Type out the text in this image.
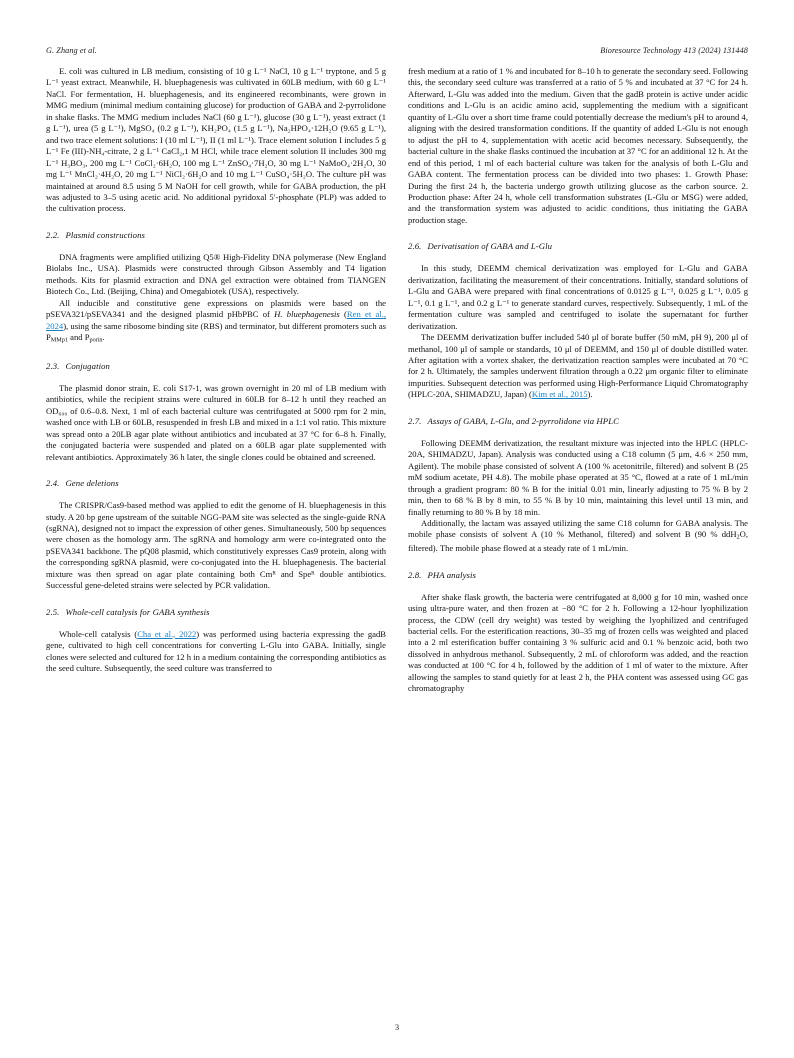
G. Zhang et al.	Bioresource Technology 413 (2024) 131448

E. coli was cultured in LB medium, consisting of 10 g L⁻¹ NaCl, 10 g L⁻¹ tryptone, and 5 g L⁻¹ yeast extract. Meanwhile, H. bluephagenesis was cultivated in 60LB medium, with 60 g L⁻¹ NaCl. For fermentation, H. bluephagenesis, and its engineered recombinants, were grown in MMG medium (minimal medium containing glucose) for production of GABA and 2-pyrrolidone in shake flasks. The MMG medium includes NaCl (60 g L⁻¹), glucose (30 g L⁻¹), yeast extract (1 g L⁻¹), urea (5 g L⁻¹), MgSO₄ (0.2 g L⁻¹), KH₂PO₄ (1.5 g L⁻¹), Na₂HPO₄·12H₂O (9.65 g L⁻¹), and two trace element solutions: I (10 ml L⁻¹), II (1 ml L⁻¹). Trace element solution I includes 5 g L⁻¹ Fe (III)-NH₄-citrate, 2 g L⁻¹ CaCl₂,1 M HCl, while trace element solution II includes 300 mg L⁻¹ H₃BO₃, 200 mg L⁻¹ CoCl₂·6H₂O, 100 mg L⁻¹ ZnSO₄·7H₂O, 30 mg L⁻¹ NaMoO₄·2H₂O, 30 mg L⁻¹ MnCl₂·4H₂O, 20 mg L⁻¹ NiCl₂·6H₂O and 10 mg L⁻¹ CuSO₄·5H₂O. The culture pH was maintained at around 8.5 using 5 M NaOH for cell growth, while for GABA production, the pH was adjusted to 3–5 using acetic acid. No additional pyridoxal 5′-phosphate (PLP) was added to the cultivation process.

2.2. Plasmid constructions

DNA fragments were amplified utilizing Q5® High-Fidelity DNA polymerase (New England Biolabs Inc., USA). Plasmids were constructed through Gibson Assembly and T4 ligation methods. Kits for plasmid extraction and DNA gel extraction were obtained from TIANGEN Biotech Co., Ltd. (Beijing, China) and Omegabiotek (USA), respectively.

All inducible and constitutive gene expressions on plasmids were based on the pSEVA321/pSEVA341 and the designed plasmid pHbPBC of H. bluephagenesis (Ren et al., 2024), using the same ribosome binding site (RBS) and terminator, but different promoters such as $P_{MMp1}$ and $P_{porin}$.

2.3. Conjugation

The plasmid donor strain, E. coli S17-1, was grown overnight in 20 ml of LB medium with antibiotics, while the recipient strains were cultured in 60LB for 8–12 h until they reached an OD₆₀₀ of 0.6–0.8. Next, 1 ml of each bacterial culture was centrifugated at 5000 rpm for 2 min, washed once with LB or 60LB, resuspended in fresh LB and mixed in a 1:1 vol ratio. This mixture was spread onto a 20LB agar plate without antibiotics and incubated at 37 °C for 6–8 h. Finally, the conjugated bacteria were suspended and plated on a 60LB agar plate supplemented with relevant antibiotics. Approximately 36 h later, the single clones could be obtained and screened.

2.4. Gene deletions

The CRISPR/Cas9-based method was applied to edit the genome of H. bluephagenesis in this study. A 20 bp gene upstream of the suitable NGG-PAM site was selected as the single-guide RNA (sgRNA), designed not to impact the expression of other genes. Simultaneously, 500 bp sequences were chosen as the homology arm. The sgRNA and homology arm were co-integrated onto the pSEVA341 backbone. The pQ08 plasmid, which constitutively expresses Cas9 protein, along with the corresponding sgRNA plasmid, were co-conjugated into the H. bluephagenesis. The bacterial mixture was then spread on agar plate containing both Cmᴿ and Speᴿ double antibiotics. Successful gene-deleted strains were selected by PCR validation.

2.5. Whole-cell catalysis for GABA synthesis

Whole-cell catalysis (Cha et al., 2022) was performed using bacteria expressing the gadB gene, cultivated to high cell concentrations for converting L-Glu into GABA. Initially, single clones were selected and cultured for 12 h in a medium containing the corresponding antibiotics as the seed culture. Subsequently, the seed culture was transferred to

fresh medium at a ratio of 1 % and incubated for 8–10 h to generate the secondary seed. Following this, the secondary seed culture was transferred at a ratio of 5 % and incubated at 37 °C for 24 h. Afterward, L-Glu was added into the medium. Given that the gadB protein is active under acidic conditions and L-Glu is an acidic amino acid, supplementing the medium with a significant quantity of L-Glu over a short time frame could potentially decrease the medium's pH to around 4, aligning with the desired transformation conditions. If the quantity of added L-Glu is not enough to adjust the pH to 4, supplementation with acetic acid becomes necessary. Subsequently, the bacterial culture in the shake flasks continued the incubation at 37 °C for an additional 12 h. At the end of this period, 1 ml of each bacterial culture was taken for the analysis of both L-Glu and GABA content. The fermentation process can be divided into two phases: 1. Growth Phase: During the first 24 h, the bacteria undergo growth utilizing glucose as the carbon source. 2. Production phase: After 24 h, whole cell transformation substrates (L-Glu or MSG) were added, and the transformation system was adjusted to acidic conditions, thus initiating the GABA production stage.

2.6. Derivatisation of GABA and L-Glu

In this study, DEEMM chemical derivatization was employed for L-Glu and GABA derivatization, facilitating the measurement of their concentrations. Initially, standard solutions of L-Glu and GABA were prepared with final concentrations of 0.0125 g L⁻¹, 0.025 g L⁻¹, 0.05 g L⁻¹, 0.1 g L⁻¹, and 0.2 g L⁻¹ to generate standard curves, respectively. Subsequently, 1 mL of the fermentation culture was sampled and centrifuged to isolate the supernatant for further derivatization.

The DEEMM derivatization buffer included 540 μl of borate buffer (50 mM, pH 9), 200 μl of methanol, 100 μl of sample or standards, 10 μl of DEEMM, and 150 μl of double distilled water. After agitation with a vortex shaker, the derivatization reaction samples were incubated at 70 °C for 2 h. Ultimately, the samples underwent filtration through a 0.22 μm organic filter to eliminate impurities. Subsequent detection was performed using High-Performance Liquid Chromatography (HPLC-20A, SHIMADZU, Japan) (Kim et al., 2015).

2.7. Assays of GABA, L-Glu, and 2-pyrrolidone via HPLC

Following DEEMM derivatization, the resultant mixture was injected into the HPLC (HPLC-20A, SHIMADZU, Japan). Analysis was conducted using a C18 column (5 μm, 4.6 × 250 mm, Agilent). The mobile phase consisted of solvent A (100 % acetonitrile, filtered) and solvent B (25 mM sodium acetate, PH 4.8). The mobile phase operated at 35 °C, flowed at a rate of 1 mL/min through a gradient program: 80 % B for the initial 0.01 min, linearly adjusting to 75 % B by 2 min, then to 68 % B by 8 min, to 55 % B by 10 min, maintaining this level until 13 min, and finally returning to 80 % B by 18 min.

Additionally, the lactam was assayed utilizing the same C18 column for GABA analysis. The mobile phase consists of solvent A (10 % Methanol, filtered) and solvent B (90 % ddH$_2$O, filtered). The mobile phase flowed at a steady rate of 1 mL/min.

2.8. PHA analysis

After shake flask growth, the bacteria were centrifugated at 8,000 g for 10 min, washed once using ultra-pure water, and then frozen at −80 °C for 2 h. Following a 12-hour lyophilization process, the CDW (cell dry weight) was tested by weighing the lyophilized and centrifuged bacterial cells. For the esterification reactions, 30–35 mg of frozen cells was weighted and placed into a 2 ml esterification buffer containing 3 % sulfuric acid and 0.1 % benzoic acid, both two dissolved in anhydrous methanol. Subsequently, 2 mL of chloroform was added, and the reaction was conducted at 100 °C for 4 h, followed by the addition of 1 ml of water to the mixture. After allowing the samples to stand quietly for at least 2 h, the PHA content was assessed using GC gas chromatography

3
